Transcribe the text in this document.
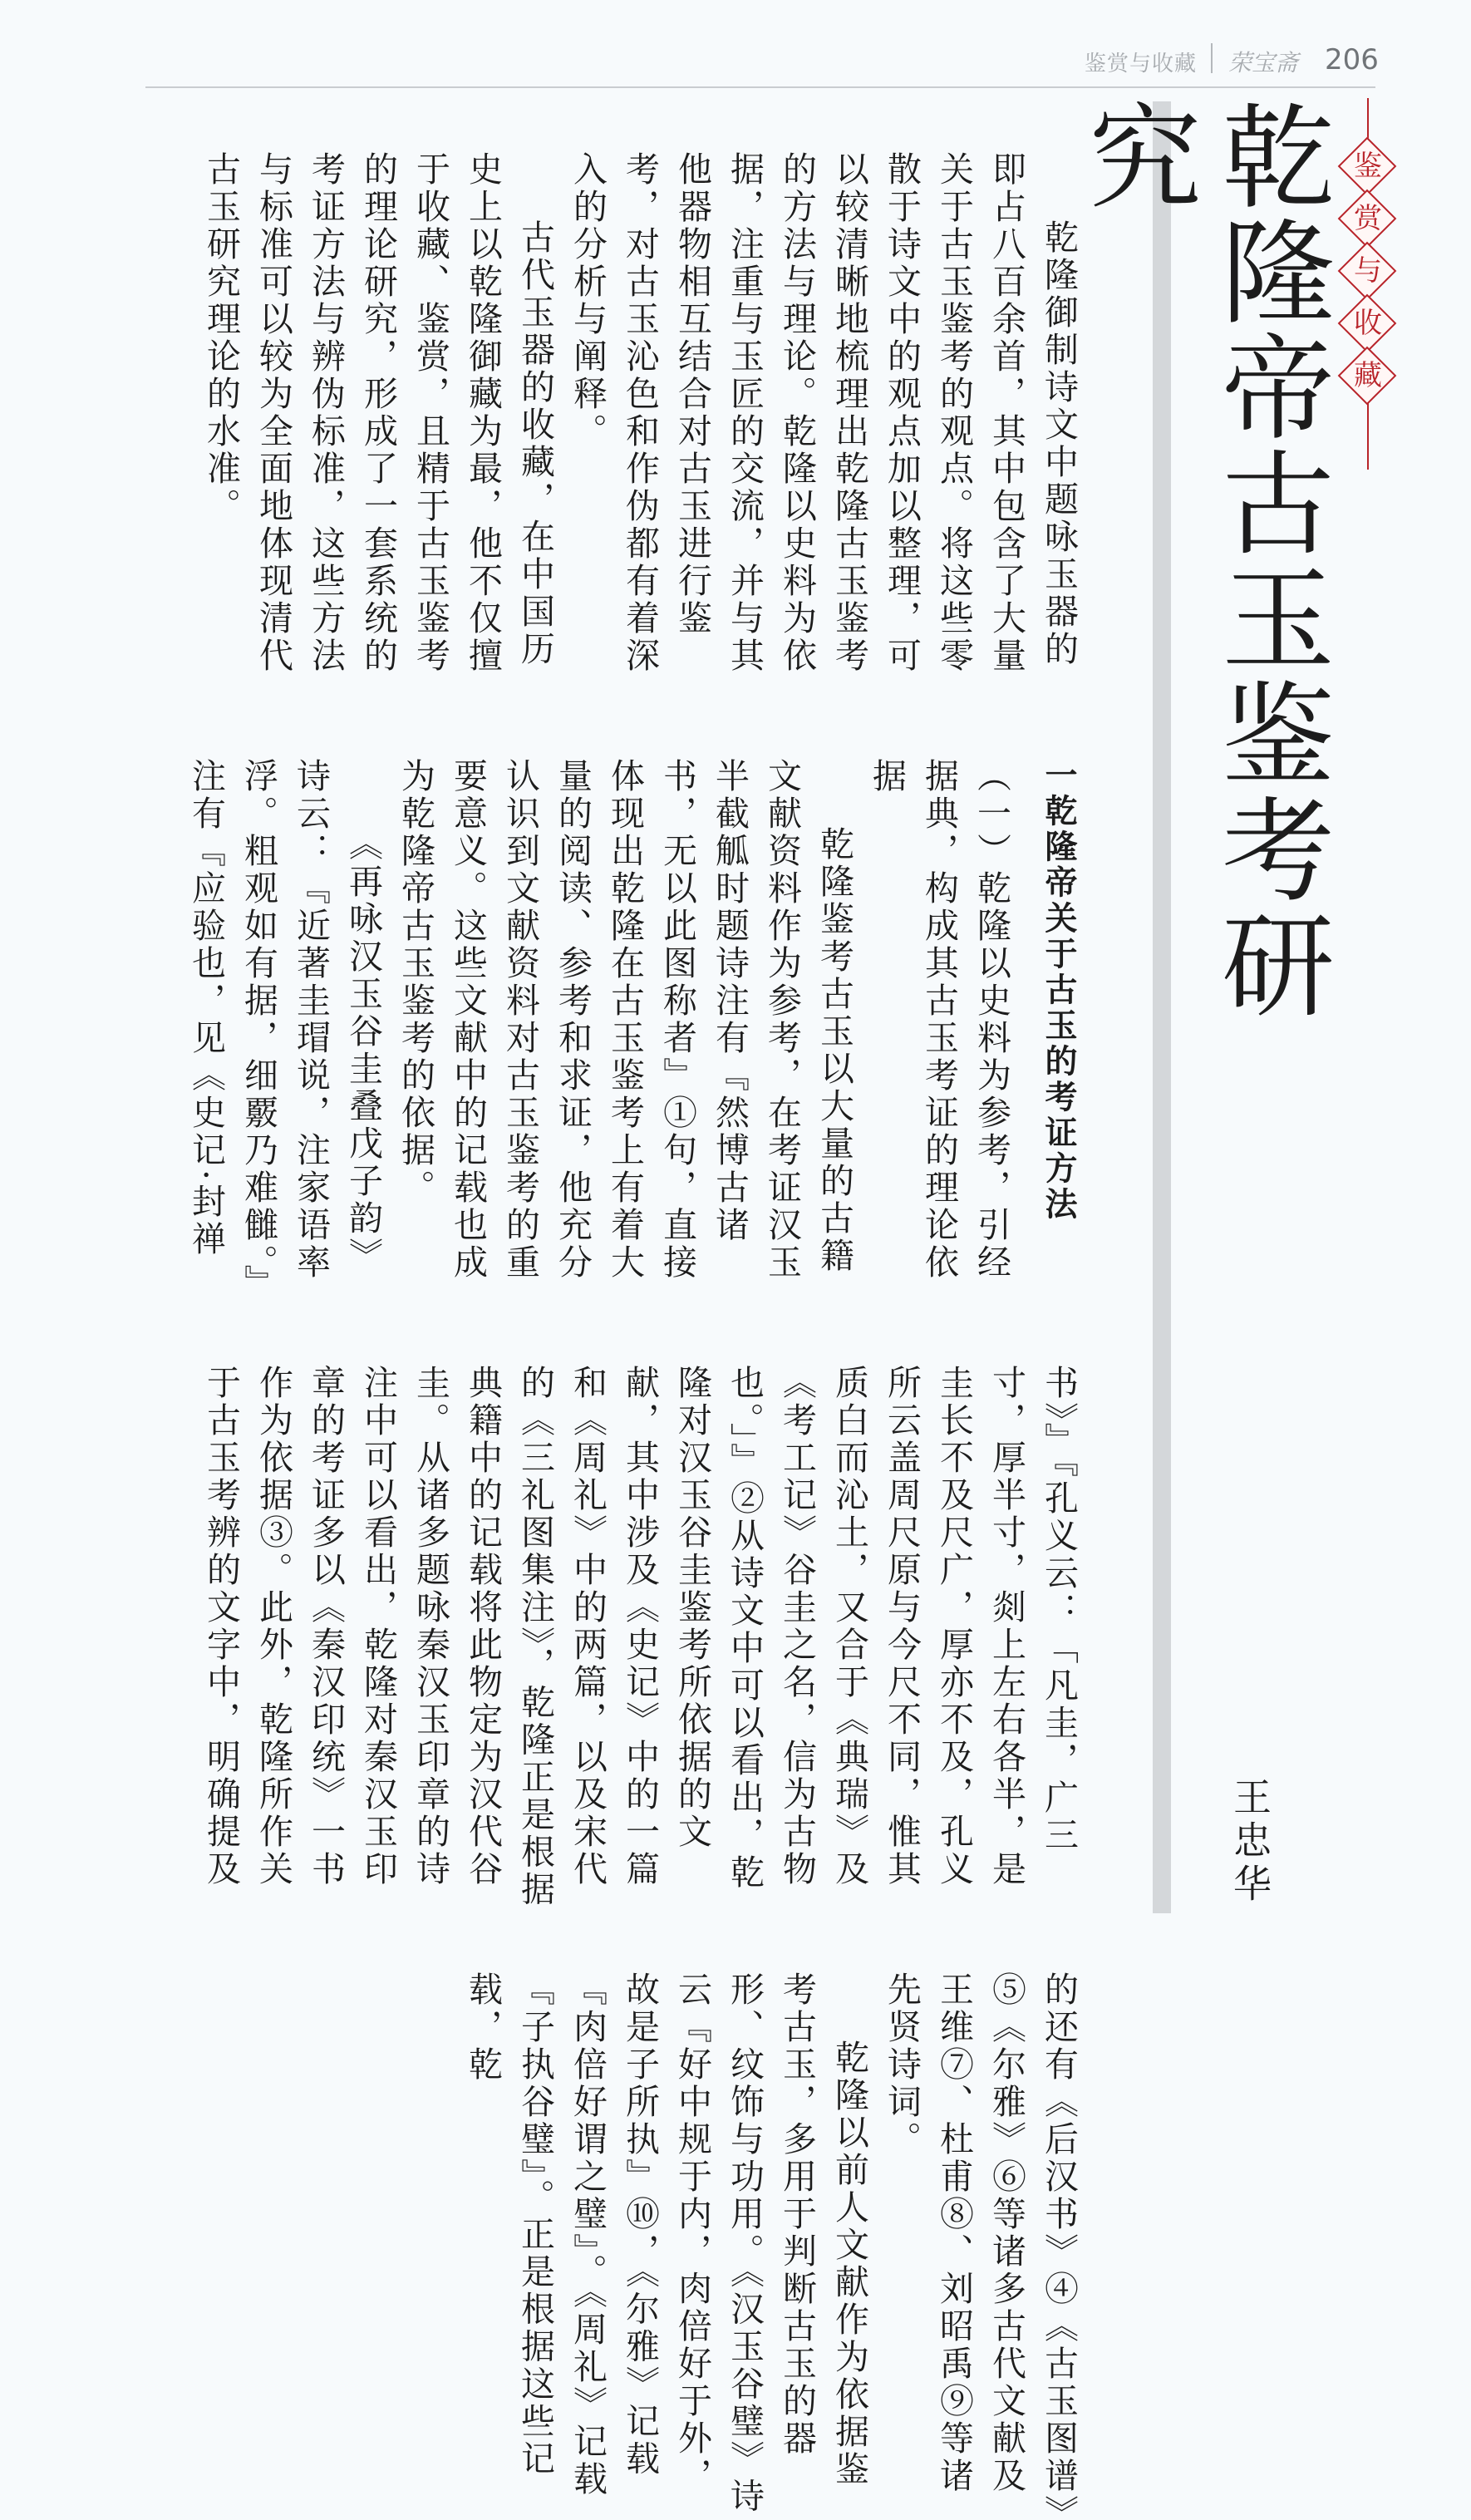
鉴赏与收藏 荣宝斋 206
鉴
赏
与
收
藏
乾隆帝古玉鉴考研究
王忠华

乾隆御制诗文中题咏玉器的即占八百余首，其中包含了大量关于古玉鉴考的观点。将这些零散于诗文中的观点加以整理，可以较清晰地梳理出乾隆古玉鉴考的方法与理论。乾隆以史料为依据，注重与玉匠的交流，并与其他器物相互结合对古玉进行鉴考，对古玉沁色和作伪都有着深入的分析与阐释。

古代玉器的收藏，在中国历史上以乾隆御藏为最，他不仅擅于收藏、鉴赏，且精于古玉鉴考的理论研究，形成了一套系统的考证方法与辨伪标准，这些方法与标准可以较为全面地体现清代古玉研究理论的水准。

一乾隆帝关于古玉的考证方法
（一）乾隆以史料为参考，引经据典，构成其古玉考证的理论依据

乾隆鉴考古玉以大量的古籍文献资料作为参考，在考证汉玉半截觚时题诗注有『然博古诸书，无以此图称者』①句，直接体现出乾隆在古玉鉴考上有着大量的阅读、参考和求证，他充分认识到文献资料对古玉鉴考的重要意义。这些文献中的记载也成为乾隆帝古玉鉴考的依据。

《再咏汉玉谷圭叠戊子韵》诗云：『近著圭瑁说，注家语率浮。粗观如有据，细覈乃难雠。』注有『应验也，见《史记·封禅书》』『孔义云：「凡圭，广三寸，厚半寸，剡上左右各半，是圭长不及尺广，厚亦不及，孔义所云盖周尺原与今尺不同，惟其质白而沁土，又合于《典瑞》及《考工记》谷圭之名，信为古物也。」』②从诗文中可以看出，乾隆对汉玉谷圭鉴考所依据的文献，其中涉及《史记》中的一篇和《周礼》中的两篇，以及宋代的《三礼图集注》，乾隆正是根据典籍中的记载将此物定为汉代谷圭。从诸多题咏秦汉玉印章的诗注中可以看出，乾隆对秦汉玉印章的考证多以《秦汉印统》一书作为依据③。此外，乾隆所作关于古玉考辨的文字中，明确提及的还有《后汉书》④《古玉图谱》⑤《尔雅》⑥等诸多古代文献及王维⑦、杜甫⑧、刘昭禹⑨等诸先贤诗词。

乾隆以前人文献作为依据鉴考古玉，多用于判断古玉的器形、纹饰与功用。《汉玉谷璧》诗云『好中规于内，肉倍好于外，故是子所执』⑩，《尔雅》记载『肉倍好谓之璧』。《周礼》记载『子执谷璧』。正是根据这些记载，乾
